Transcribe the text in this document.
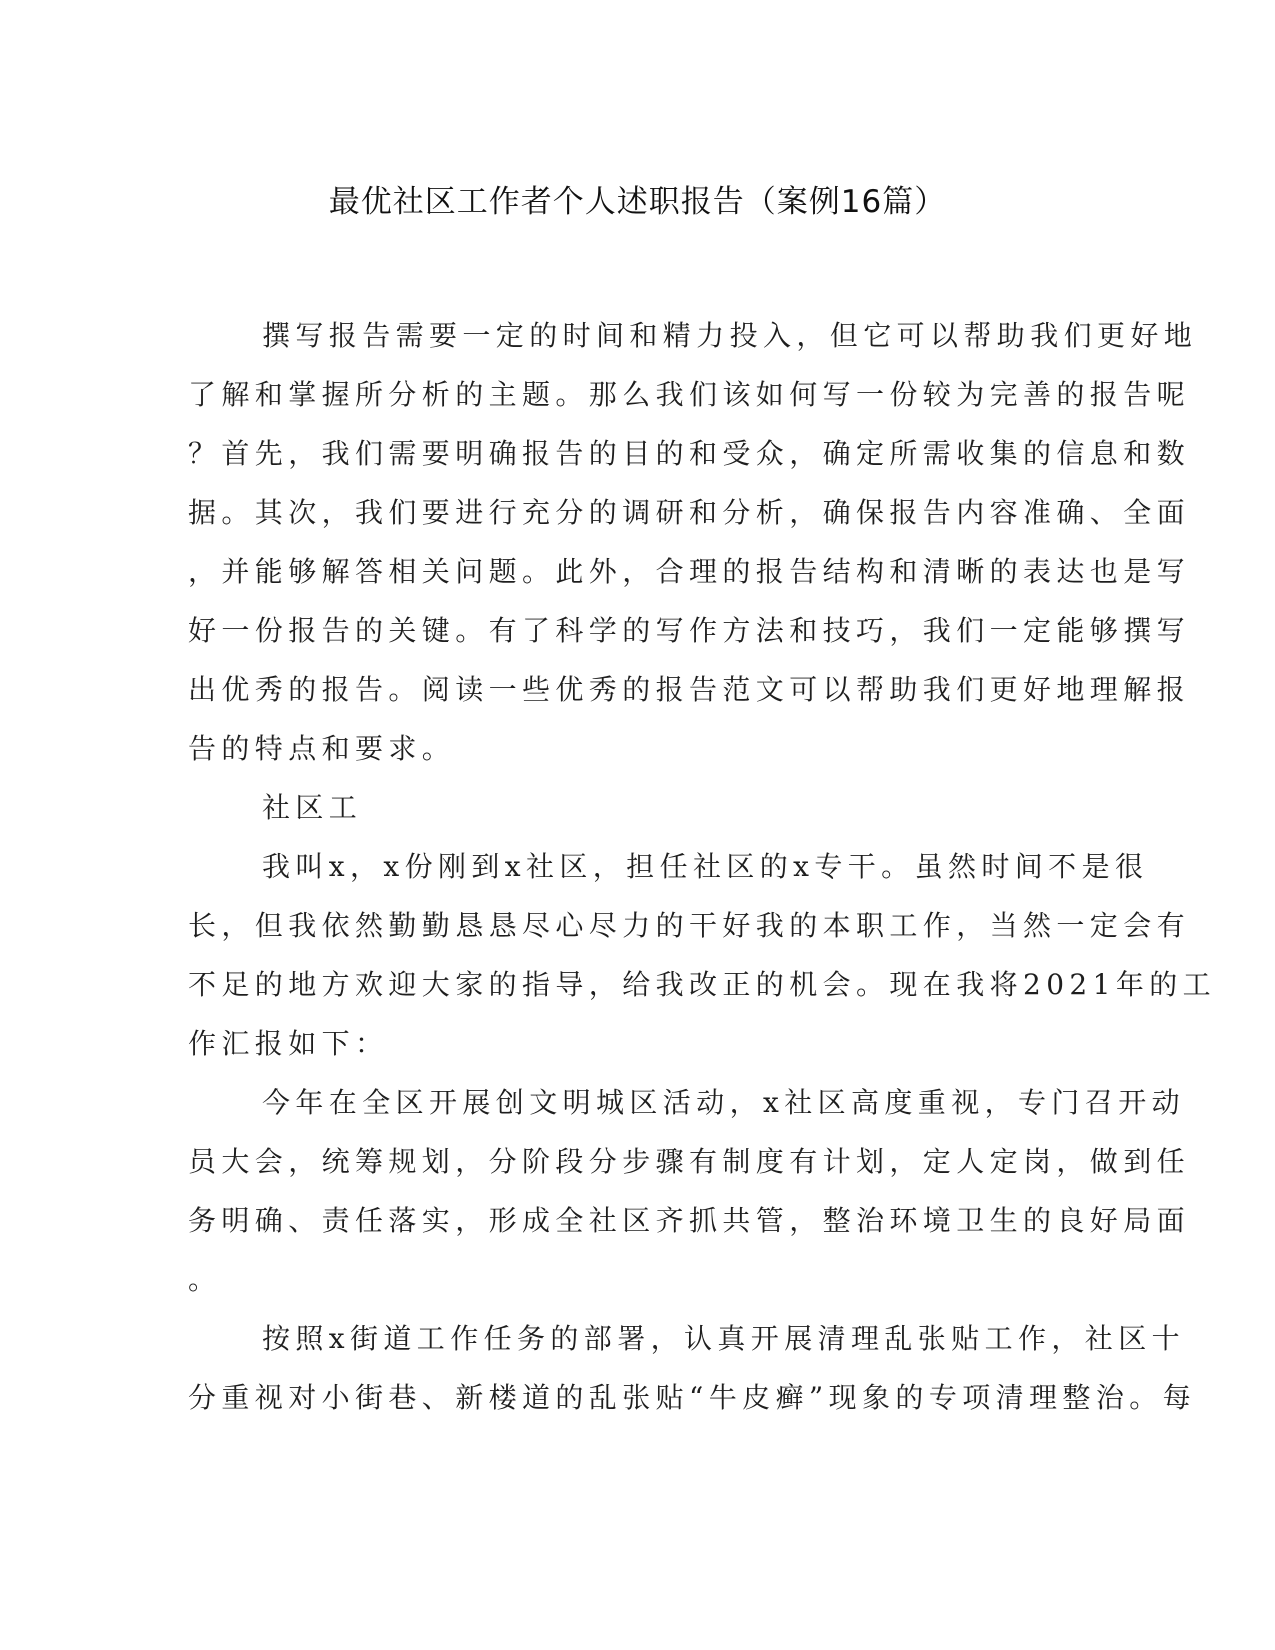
最优社区工作者个人述职报告（案例16篇）
撰写报告需要一定的时间和精力投入，但它可以帮助我们更好地
了解和掌握所分析的主题。那么我们该如何写一份较为完善的报告呢
？首先，我们需要明确报告的目的和受众，确定所需收集的信息和数
据。其次，我们要进行充分的调研和分析，确保报告内容准确、全面
，并能够解答相关问题。此外，合理的报告结构和清晰的表达也是写
好一份报告的关键。有了科学的写作方法和技巧，我们一定能够撰写
出优秀的报告。阅读一些优秀的报告范文可以帮助我们更好地理解报
告的特点和要求。
社区工
我叫x，x份刚到x社区，担任社区的x专干。虽然时间不是很
长，但我依然勤勤恳恳尽心尽力的干好我的本职工作，当然一定会有
不足的地方欢迎大家的指导，给我改正的机会。现在我将2021年的工
作汇报如下：
今年在全区开展创文明城区活动，x社区高度重视，专门召开动
员大会，统筹规划，分阶段分步骤有制度有计划，定人定岗，做到任
务明确、责任落实，形成全社区齐抓共管，整治环境卫生的良好局面
。
按照x街道工作任务的部署，认真开展清理乱张贴工作，社区十
分重视对小街巷、新楼道的乱张贴“牛皮癣”现象的专项清理整治。每
